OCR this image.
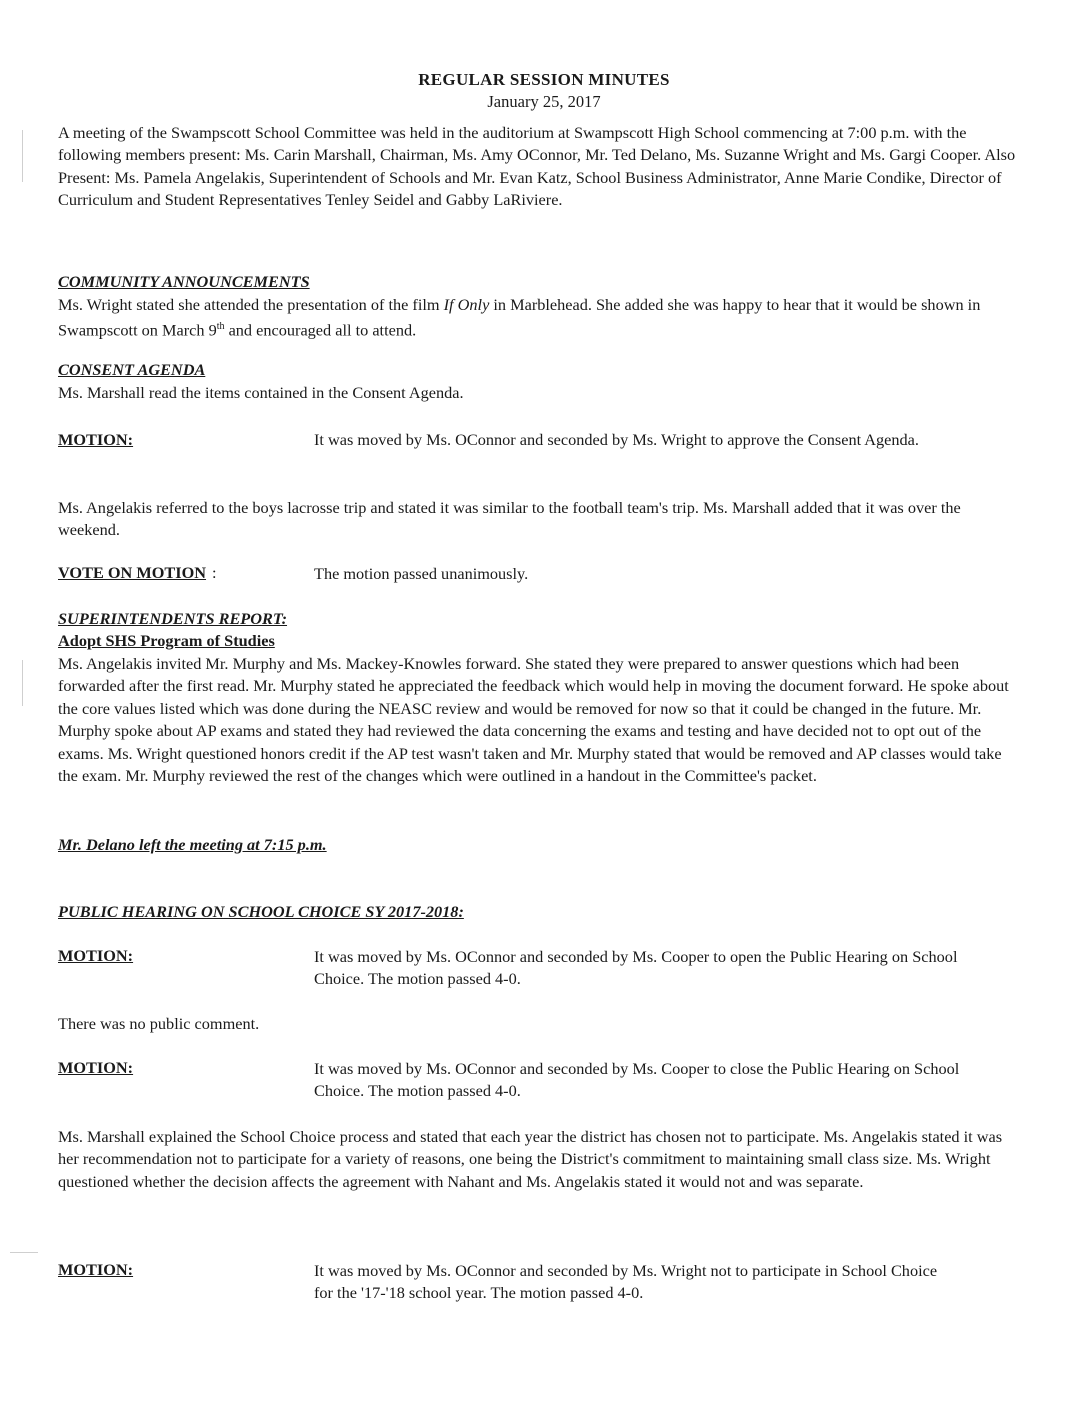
REGULAR SESSION MINUTES
January 25, 2017

A meeting of the Swampscott School Committee was held in the auditorium at Swampscott High School commencing at 7:00 p.m. with the following members present: Ms. Carin Marshall, Chairman, Ms. Amy OConnor, Mr. Ted Delano, Ms. Suzanne Wright and Ms. Gargi Cooper. Also Present: Ms. Pamela Angelakis, Superintendent of Schools and Mr. Evan Katz, School Business Administrator, Anne Marie Condike, Director of Curriculum and Student Representatives Tenley Seidel and Gabby LaRiviere.

COMMUNITY ANNOUNCEMENTS

Ms. Wright stated she attended the presentation of the film If Only in Marblehead. She added she was happy to hear that it would be shown in Swampscott on March 9th and encouraged all to attend.

CONSENT AGENDA

Ms. Marshall read the items contained in the Consent Agenda.

MOTION:	It was moved by Ms. OConnor and seconded by Ms. Wright to approve the Consent Agenda.

Ms. Angelakis referred to the boys lacrosse trip and stated it was similar to the football team's trip. Ms. Marshall added that it was over the weekend.

VOTE ON MOTION :	The motion passed unanimously.

SUPERINTENDENTS REPORT:

Adopt SHS Program of Studies

Ms. Angelakis invited Mr. Murphy and Ms. Mackey-Knowles forward. She stated they were prepared to answer questions which had been forwarded after the first read. Mr. Murphy stated he appreciated the feedback which would help in moving the document forward. He spoke about the core values listed which was done during the NEASC review and would be removed for now so that it could be changed in the future. Mr. Murphy spoke about AP exams and stated they had reviewed the data concerning the exams and testing and have decided not to opt out of the exams. Ms. Wright questioned honors credit if the AP test wasn't taken and Mr. Murphy stated that would be removed and AP classes would take the exam. Mr. Murphy reviewed the rest of the changes which were outlined in a handout in the Committee's packet.

Mr. Delano left the meeting at 7:15 p.m.

PUBLIC HEARING ON SCHOOL CHOICE SY 2017-2018:

MOTION:	It was moved by Ms. OConnor and seconded by Ms. Cooper to open the Public Hearing on School Choice. The motion passed 4-0.

There was no public comment.

MOTION:	It was moved by Ms. OConnor and seconded by Ms. Cooper to close the Public Hearing on School Choice. The motion passed 4-0.

Ms. Marshall explained the School Choice process and stated that each year the district has chosen not to participate. Ms. Angelakis stated it was her recommendation not to participate for a variety of reasons, one being the District's commitment to maintaining small class size. Ms. Wright questioned whether the decision affects the agreement with Nahant and Ms. Angelakis stated it would not and was separate.

MOTION:	It was moved by Ms. OConnor and seconded by Ms. Wright not to participate in School Choice for the '17-'18 school year. The motion passed 4-0.
